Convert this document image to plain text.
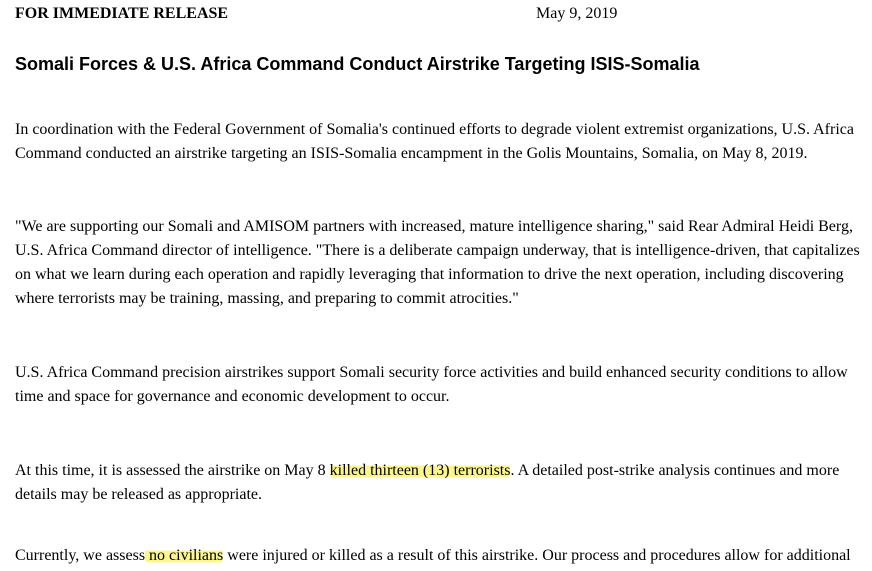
FOR IMMEDIATE RELEASE	May 9, 2019
Somali Forces & U.S. Africa Command Conduct Airstrike Targeting ISIS-Somalia

In coordination with the Federal Government of Somalia's continued efforts to degrade violent extremist organizations, U.S. Africa Command conducted an airstrike targeting an ISIS-Somalia encampment in the Golis Mountains, Somalia, on May 8, 2019.

"We are supporting our Somali and AMISOM partners with increased, mature intelligence sharing," said Rear Admiral Heidi Berg, U.S. Africa Command director of intelligence. "There is a deliberate campaign underway, that is intelligence-driven, that capitalizes on what we learn during each operation and rapidly leveraging that information to drive the next operation, including discovering where terrorists may be training, massing, and preparing to commit atrocities."

U.S. Africa Command precision airstrikes support Somali security force activities and build enhanced security conditions to allow time and space for governance and economic development to occur.

At this time, it is assessed the airstrike on May 8 killed thirteen (13) terrorists. A detailed post-strike analysis continues and more details may be released as appropriate.

Currently, we assess no civilians were injured or killed as a result of this airstrike. Our process and procedures allow for additional
